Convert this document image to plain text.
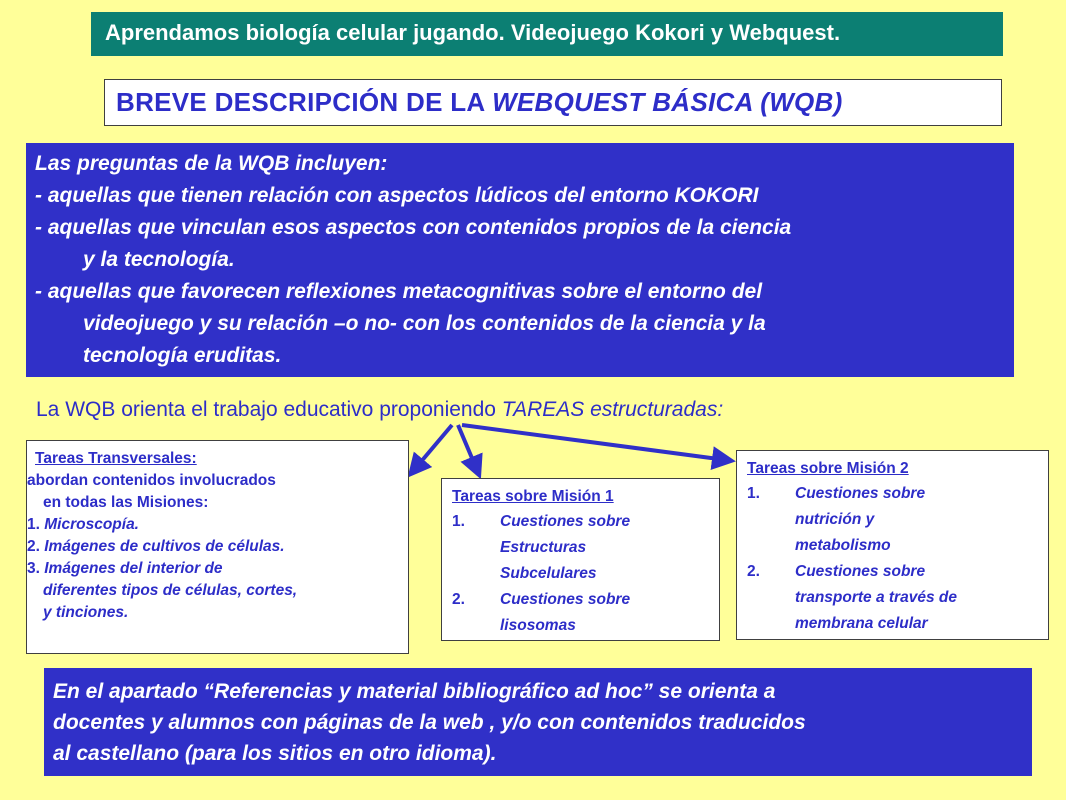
Aprendamos biología celular jugando. Videojuego Kokori y Webquest.
BREVE DESCRIPCIÓN DE LA WEBQUEST BÁSICA (WQB)
Las preguntas de la WQB incluyen:
- aquellas que tienen relación con aspectos lúdicos del entorno KOKORI
- aquellas que vinculan esos aspectos con contenidos propios de la ciencia
y la tecnología.
- aquellas que favorecen reflexiones metacognitivas sobre el entorno del
videojuego y su relación –o no- con los contenidos de la ciencia y la
tecnología eruditas.
La WQB orienta el trabajo educativo proponiendo TAREAS estructuradas:
Tareas Transversales:
abordan contenidos involucrados
en todas las Misiones:
1. Microscopía.
2. Imágenes de cultivos de células.
3. Imágenes del interior de
diferentes tipos de células, cortes,
y tinciones.
Tareas sobre Misión 1
1.	Cuestiones sobre
Estructuras
Subcelulares
2.	Cuestiones sobre
lisosomas
Tareas sobre Misión 2
1.	Cuestiones sobre
nutrición y
metabolismo
2.	Cuestiones sobre
transporte a través de
membrana celular
En el apartado “Referencias y material bibliográfico ad hoc” se orienta a
docentes y alumnos con páginas de la web , y/o con contenidos traducidos
al castellano (para los sitios en otro idioma).
